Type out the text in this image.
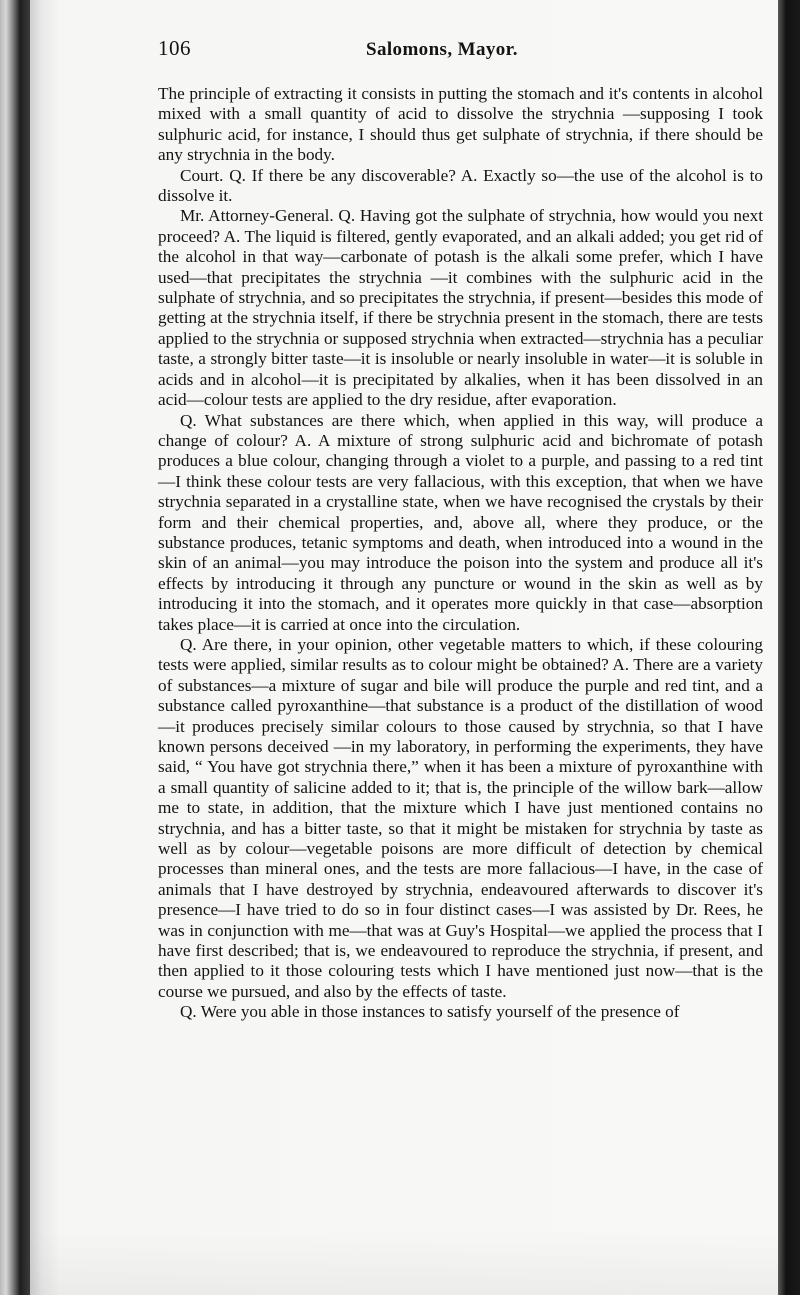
106	Salomons, Mayor.

The principle of extracting it consists in putting the stomach and it's contents in alcohol mixed with a small quantity of acid to dissolve the strychnia —supposing I took sulphuric acid, for instance, I should thus get sulphate of strychnia, if there should be any strychnia in the body.

Court. Q. If there be any discoverable? A. Exactly so—the use of the alcohol is to dissolve it.

Mr. Attorney-General. Q. Having got the sulphate of strychnia, how would you next proceed? A. The liquid is filtered, gently evaporated, and an alkali added; you get rid of the alcohol in that way—carbonate of potash is the alkali some prefer, which I have used—that precipitates the strychnia —it combines with the sulphuric acid in the sulphate of strychnia, and so precipitates the strychnia, if present—besides this mode of getting at the strychnia itself, if there be strychnia present in the stomach, there are tests applied to the strychnia or supposed strychnia when extracted—strychnia has a peculiar taste, a strongly bitter taste—it is insoluble or nearly insoluble in water—it is soluble in acids and in alcohol—it is precipitated by alkalies, when it has been dissolved in an acid—colour tests are applied to the dry residue, after evaporation.

Q. What substances are there which, when applied in this way, will produce a change of colour? A. A mixture of strong sulphuric acid and bichromate of potash produces a blue colour, changing through a violet to a purple, and passing to a red tint—I think these colour tests are very fallacious, with this exception, that when we have strychnia separated in a crystalline state, when we have recognised the crystals by their form and their chemical properties, and, above all, where they produce, or the substance produces, tetanic symptoms and death, when introduced into a wound in the skin of an animal—you may introduce the poison into the system and produce all it's effects by introducing it through any puncture or wound in the skin as well as by introducing it into the stomach, and it operates more quickly in that case—absorption takes place—it is carried at once into the circulation.

Q. Are there, in your opinion, other vegetable matters to which, if these colouring tests were applied, similar results as to colour might be obtained? A. There are a variety of substances—a mixture of sugar and bile will produce the purple and red tint, and a substance called pyroxanthine—that substance is a product of the distillation of wood—it produces precisely similar colours to those caused by strychnia, so that I have known persons deceived —in my laboratory, in performing the experiments, they have said, “ You have got strychnia there,” when it has been a mixture of pyroxanthine with a small quantity of salicine added to it; that is, the principle of the willow bark—allow me to state, in addition, that the mixture which I have just mentioned contains no strychnia, and has a bitter taste, so that it might be mistaken for strychnia by taste as well as by colour—vegetable poisons are more difficult of detection by chemical processes than mineral ones, and the tests are more fallacious—I have, in the case of animals that I have destroyed by strychnia, endeavoured afterwards to discover it's presence—I have tried to do so in four distinct cases—I was assisted by Dr. Rees, he was in conjunction with me—that was at Guy's Hospital—we applied the process that I have first described; that is, we endeavoured to reproduce the strychnia, if present, and then applied to it those colouring tests which I have mentioned just now—that is the course we pursued, and also by the effects of taste.

Q. Were you able in those instances to satisfy yourself of the presence of
